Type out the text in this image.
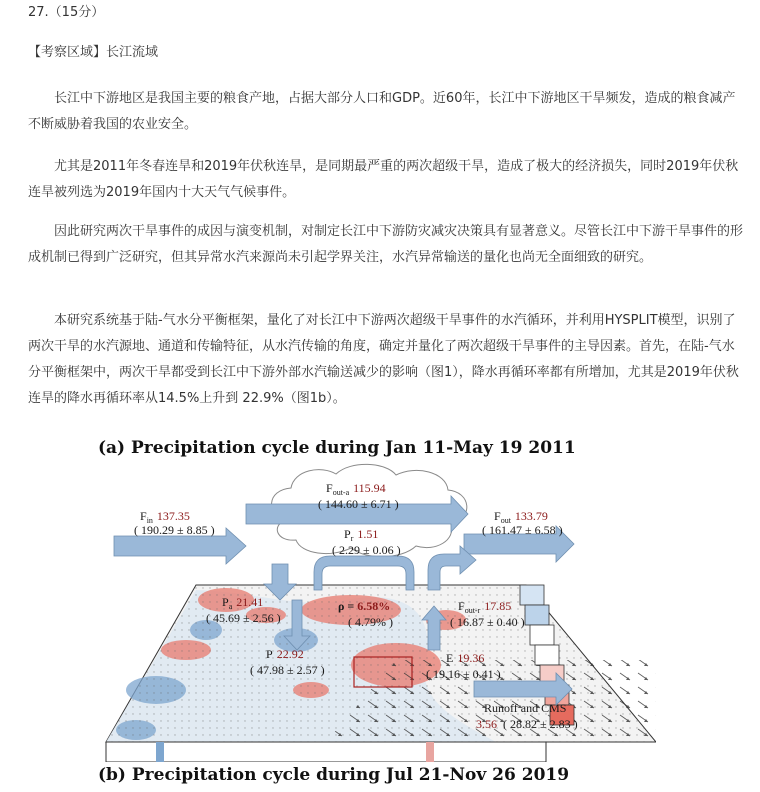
27.（15分）

【考察区域】长江流域

长江中下游地区是我国主要的粮食产地，占据大部分人口和GDP。近60年，长江中下游地区干旱频发，造成的粮食减产不断威胁着我国的农业安全。

尤其是2011年冬春连旱和2019年伏秋连旱，是同期最严重的两次超级干旱，造成了极大的经济损失，同时2019年伏秋连旱被列选为2019年国内十大天气气候事件。

因此研究两次干旱事件的成因与演变机制，对制定长江中下游防灾减灾决策具有显著意义。尽管长江中下游干旱事件的形成机制已得到广泛研究，但其异常水汽来源尚未引起学界关注，水汽异常输送的量化也尚无全面细致的研究。

本研究系统基于陆-气水分平衡框架，量化了对长江中下游两次超级干旱事件的水汽循环，并利用HYSPLIT模型，识别了两次干旱的水汽源地、通道和传输特征，从水汽传输的角度，确定并量化了两次超级干旱事件的主导因素。首先，在陆-气水分平衡框架中，两次干旱都受到长江中下游外部水汽输送减少的影响（图1），降水再循环率都有所增加，尤其是2019年伏秋连旱的降水再循环率从14.5%上升到 22.9%（图1b）。

(a) Precipitation cycle during Jan 11-May 19 2011
$F_{in}$ 137.35
( 190.29 ± 8.85 )
$F_{out-a}$ 115.94
( 144.60 ± 6.71 )
$P_r$ 1.51
( 2.29 ± 0.06 )
$F_{out}$ 133.79
( 161.47 ± 6.58 )
$P_a$ 21.41
( 45.69 ± 2.56 )
ρ = 6.58%
( 4.79% )
$F_{out-r}$ 17.85
( 16.87 ± 0.40 )
P 22.92
( 47.98 ± 2.57 )
E 19.36
( 19.16 ± 0.41 )
Runoff and CMS
3.56 ( 28.82 ± 2.83 )
(b) Precipitation cycle during Jul 21-Nov 26 2019
